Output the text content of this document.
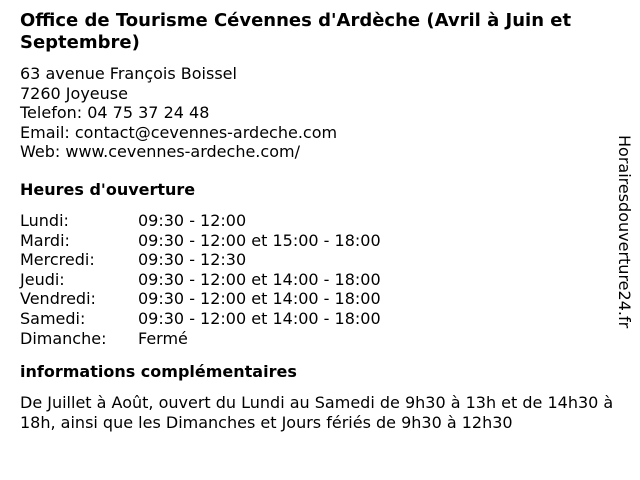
Office de Tourisme Cévennes d'Ardèche (Avril à Juin et Septembre)
63 avenue François Boissel
7260 Joyeuse
Telefon: 04 75 37 24 48
Email: contact@cevennes-ardeche.com
Web: www.cevennes-ardeche.com/
Heures d'ouverture
Lundi:	09:30 - 12:00
Mardi:	09:30 - 12:00 et 15:00 - 18:00
Mercredi:	09:30 - 12:30
Jeudi:	09:30 - 12:00 et 14:00 - 18:00
Vendredi:	09:30 - 12:00 et 14:00 - 18:00
Samedi:	09:30 - 12:00 et 14:00 - 18:00
Dimanche:	Fermé
informations complémentaires
De Juillet à Août, ouvert du Lundi au Samedi de 9h30 à 13h et de 14h30 à 18h, ainsi que les Dimanches et Jours fériés de 9h30 à 12h30
Horairesdouverture24.fr
